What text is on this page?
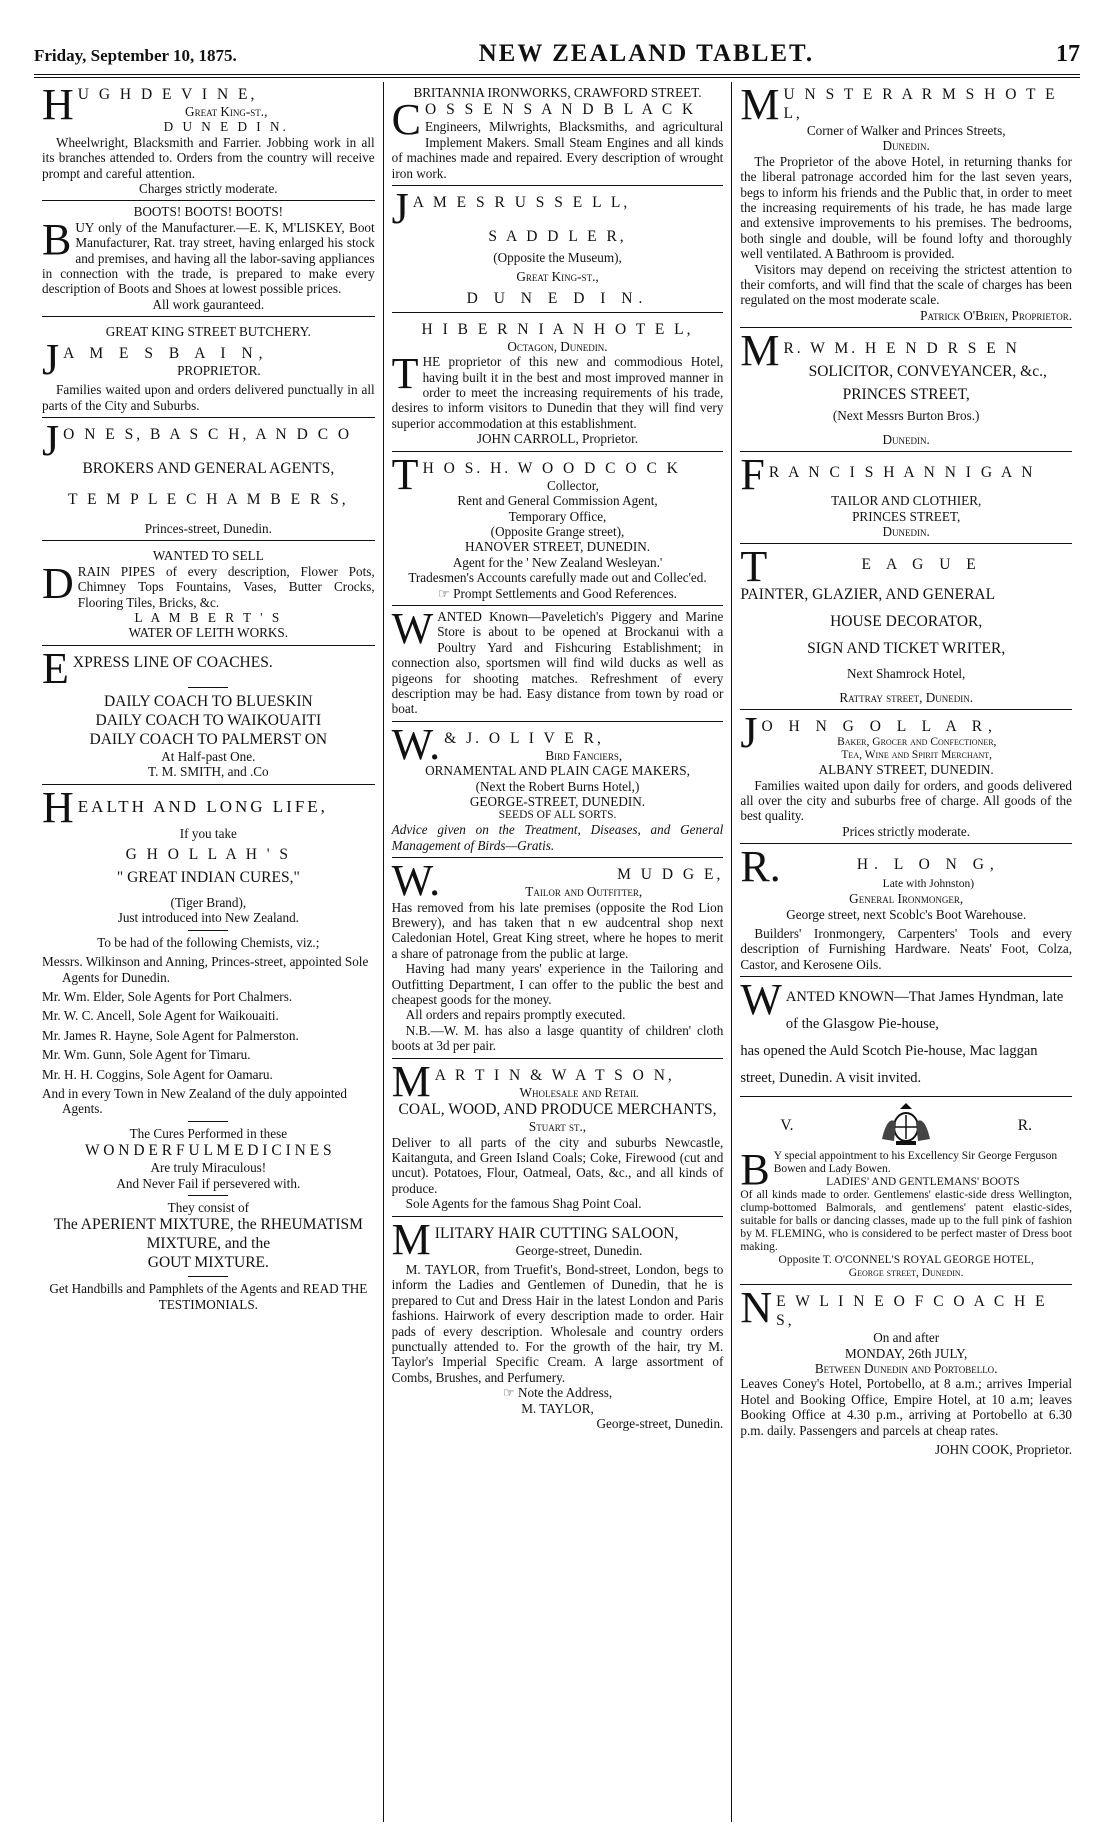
Friday, September 10, 1875.	NEW ZEALAND TABLET.	17
H U G H D E V I N E,
Great King-st.,
D U N E D I N.
Wheelwright, Blacksmith and Farrier. Jobbing work in all its branches attended to. Orders from the country will receive prompt and careful attention.
Charges strictly moderate.
BOOTS! BOOTS! BOOTS!
B UY only of the Manufacturer.—E. K, M'LISKEY, Boot Manufacturer, Rat. tray street, having enlarged his stock and premises, and having all the labor-saving appliances in connection with the trade, is prepared to make every description of Boots and Shoes at lowest possible prices.
All work gauranteed.
GREAT KING STREET BUTCHERY.
J A M E S B A I N,
PROPRIETOR.
Families waited upon and orders delivered punctually in all parts of the City and Suburbs.
J O N E S, B A S C H, A N D C O
BROKERS AND GENERAL AGENTS,
T E M P L E C H A M B E R S,
Princes-street, Dunedin.
WANTED TO SELL
D RAIN PIPES of every description, Flower Pots, Chimney Tops Fountains, Vases, Butter Crocks, Flooring Tiles, Bricks, &c.
L A M B E R T ' S
WATER OF LEITH WORKS.
E XPRESS LINE OF COACHES.
DAILY COACH TO BLUESKIN
DAILY COACH TO WAIKOUAITI
DAILY COACH TO PALMERST ON
At Half-past One.
T. M. SMITH, and .Co
H EALTH AND LONG LIFE,
If you take
G H O L L A H ' S
" GREAT INDIAN CURES,"
(Tiger Brand),
Just introduced into New Zealand.
To be had of the following Chemists, viz.;
Messrs. Wilkinson and Anning, Princes-street, appointed Sole Agents for Dunedin.
Mr. Wm. Elder, Sole Agents for Port Chalmers.
Mr. W. C. Ancell, Sole Agent for Waikouaiti.
Mr. James R. Hayne, Sole Agent for Palmerston.
Mr. Wm. Gunn, Sole Agent for Timaru.
Mr. H. H. Coggins, Sole Agent for Oamaru.
And in every Town in New Zealand of the duly appointed Agents.
The Cures Performed in these
W O N D E R F U L M E D I C I N E S
Are truly Miraculous!
And Never Fail if persevered with.
They consist of
The APERIENT MIXTURE, the RHEUMATISM MIXTURE, and the
GOUT MIXTURE.
Get Handbills and Pamphlets of the Agents and READ THE TESTIMONIALS.
BRITANNIA IRONWORKS, CRAWFORD STREET.
C O S S E N S A N D B L A C K
Engineers, Milwrights, Blacksmiths, and agricultural Implement Makers. Small Steam Engines and all kinds of machines made and repaired. Every description of wrought iron work.
J A M E S R U S S E L L,
S A D D L E R,
(Opposite the Museum),
Great King-st.,
D U N E D I N.
H I B E R N I A N H O T E L,
Octagon, Dunedin.
T HE proprietor of this new and commodious Hotel, having built it in the best and most improved manner in order to meet the increasing requirements of his trade, desires to inform visitors to Dunedin that they will find very superior accommodation at this establishment.
JOHN CARROLL, Proprietor.
T H O S. H. W O O D C O C K
Collector,
Rent and General Commission Agent,
Temporary Office,
(Opposite Grange street),
HANOVER STREET, DUNEDIN.
Agent for the ' New Zealand Wesleyan.'
Tradesmen's Accounts carefully made out and Collec'ed.
☞ Prompt Settlements and Good References.
W ANTED Known—Paveletich's Piggery and Marine Store is about to be opened at Brockanui with a Poultry Yard and Fishcuring Establishment; in connection also, sportsmen will find wild ducks as well as pigeons for shooting matches. Refreshment of every description may be had. Easy distance from town by road or boat.
W. & J. O L I V E R,
Bird Fanciers,
ORNAMENTAL AND PLAIN CAGE MAKERS,
(Next the Robert Burns Hotel,)
GEORGE-STREET, DUNEDIN.
SEEDS OF ALL SORTS.
Advice given on the Treatment, Diseases, and General Management of Birds—Gratis.
W.	M U D G E,
Tailor and Outfitter,
Has removed from his late premises (opposite the Rod Lion Brewery), and has taken that n ew audcentral shop next Caledonian Hotel, Great King street, where he hopes to merit a share of patronage from the public at large.
Having had many years' experience in the Tailoring and Outfitting Department, I can offer to the public the best and cheapest goods for the money.
All orders and repairs promptly executed.
N.B.—W. M. has also a lasge quantity of children' cloth boots at 3d per pair.
M A R T I N & W A T S O N,
Wholesale and Retail
COAL, WOOD, AND PRODUCE MERCHANTS,
Stuart st.,
Deliver to all parts of the city and suburbs Newcastle, Kaitanguta, and Green Island Coals; Coke, Firewood (cut and uncut). Potatoes, Flour, Oatmeal, Oats, &c., and all kinds of produce.
Sole Agents for the famous Shag Point Coal.
M ILITARY HAIR CUTTING SALOON,
George-street, Dunedin.
M. TAYLOR, from Truefit's, Bond-street, London, begs to inform the Ladies and Gentlemen of Dunedin, that he is prepared to Cut and Dress Hair in the latest London and Paris fashions. Hairwork of every description made to order. Hair pads of every description. Wholesale and country orders punctually attended to. For the growth of the hair, try M. Taylor's Imperial Specific Cream. A large assortment of Combs, Brushes, and Perfumery.
☞ Note the Address,
M. TAYLOR,
George-street, Dunedin.
M U N S T E R A R M S H O T E L,
Corner of Walker and Princes Streets,
Dunedin.
The Proprietor of the above Hotel, in returning thanks for the liberal patronage accorded him for the last seven years, begs to inform his friends and the Public that, in order to meet the increasing requirements of his trade, he has made large and extensive improvements to his premises. The bedrooms, both single and double, will be found lofty and thoroughly well ventilated. A Bathroom is provided.
Visitors may depend on receiving the strictest attention to their comforts, and will find that the scale of charges has been regulated on the most moderate scale.
Patrick O'Brien, Proprietor.
M R. W M. H E N D R S E N
SOLICITOR, CONVEYANCER, &c.,
PRINCES STREET,
(Next Messrs Burton Bros.)
Dunedin.
F R A N C I S H A N N I G A N
TAILOR AND CLOTHIER,
PRINCES STREET,
Dunedin.
T	E A G U E
PAINTER, GLAZIER, AND GENERAL
HOUSE DECORATOR,
SIGN AND TICKET WRITER,
Next Shamrock Hotel,
Rattray street, Dunedin.
J O H N G O L L A R,
Baker, Grocer and Confectioner,
Tea, Wine and Spirit Merchant,
ALBANY STREET, DUNEDIN.
Families waited upon daily for orders, and goods delivered all over the city and suburbs free of charge. All goods of the best quality.
Prices strictly moderate.
R.	H. L O N G,
Late with Johnston)
General Ironmonger,
George street, next Scoblc's Boot Warehouse.
Builders' Ironmongery, Carpenters' Tools and every description of Furnishing Hardware. Neats' Foot, Colza, Castor, and Kerosene Oils.
W ANTED KNOWN—That James Hyndman, late of the Glasgow Pie-house,
has opened the Auld Scotch Pie-house, Mac laggan street, Dunedin. A visit invited.
V.	R.
B Y special appointment to his Excellency Sir George Ferguson Bowen and Lady Bowen.
LADIES' AND GENTLEMANS' BOOTS
Of all kinds made to order. Gentlemens' elastic-side dress Wellington, clump-bottomed Balmorals, and gentlemens' patent elastic-sides, suitable for balls or dancing classes, made up to the full pink of fashion by M. FLEMING, who is considered to be perfect master of Dress boot making.
Opposite T. O'CONNEL'S ROYAL GEORGE HOTEL,
George street, Dunedin.
N E W L I N E O F C O A C H E S,
On and after
MONDAY, 26th JULY,
Between Dunedin and Portobello.
Leaves Coney's Hotel, Portobello, at 8 a.m.; arrives Imperial Hotel and Booking Office, Empire Hotel, at 10 a.m; leaves Booking Office at 4.30 p.m., arriving at Portobello at 6.30 p.m. daily. Passengers and parcels at cheap rates.
JOHN COOK, Proprietor.
